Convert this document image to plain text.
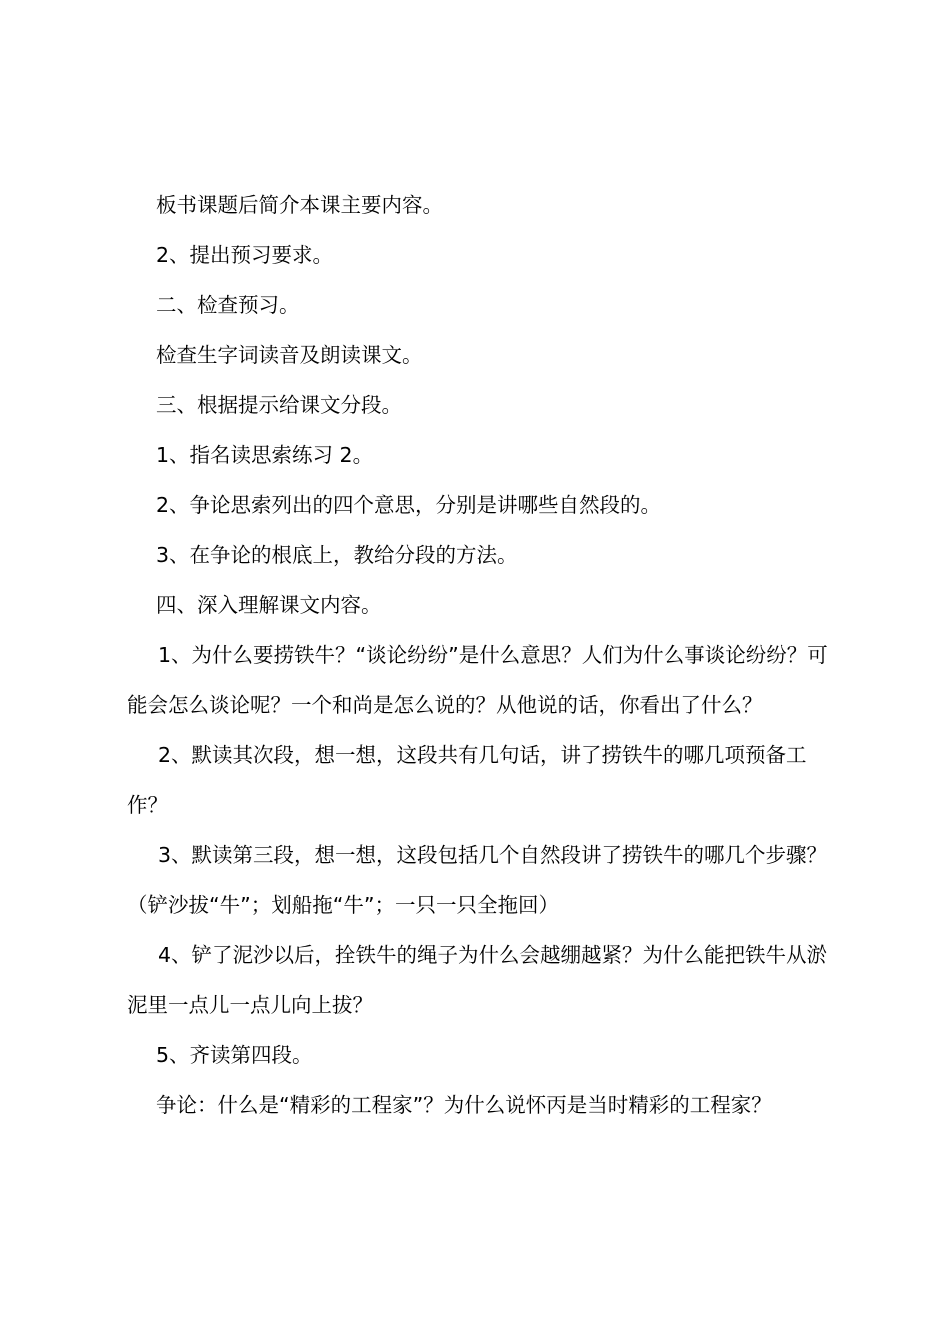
板书课题后简介本课主要内容。

2、提出预习要求。

二、检查预习。

检查生字词读音及朗读课文。

三、根据提示给课文分段。

1、指名读思索练习 2。

2、争论思索列出的四个意思，分别是讲哪些自然段的。

3、在争论的根底上，教给分段的方法。

四、深入理解课文内容。

1、为什么要捞铁牛？“谈论纷纷”是什么意思？人们为什么事谈论纷纷？可能会怎么谈论呢？一个和尚是怎么说的？从他说的话，你看出了什么？

2、默读其次段，想一想，这段共有几句话，讲了捞铁牛的哪几项预备工作？

3、默读第三段，想一想，这段包括几个自然段讲了捞铁牛的哪几个步骤？（铲沙拔“牛”；划船拖“牛”；一只一只全拖回）

4、铲了泥沙以后，拴铁牛的绳子为什么会越绷越紧？为什么能把铁牛从淤泥里一点儿一点儿向上拔？

5、齐读第四段。

争论：什么是“精彩的工程家”？为什么说怀丙是当时精彩的工程家？
